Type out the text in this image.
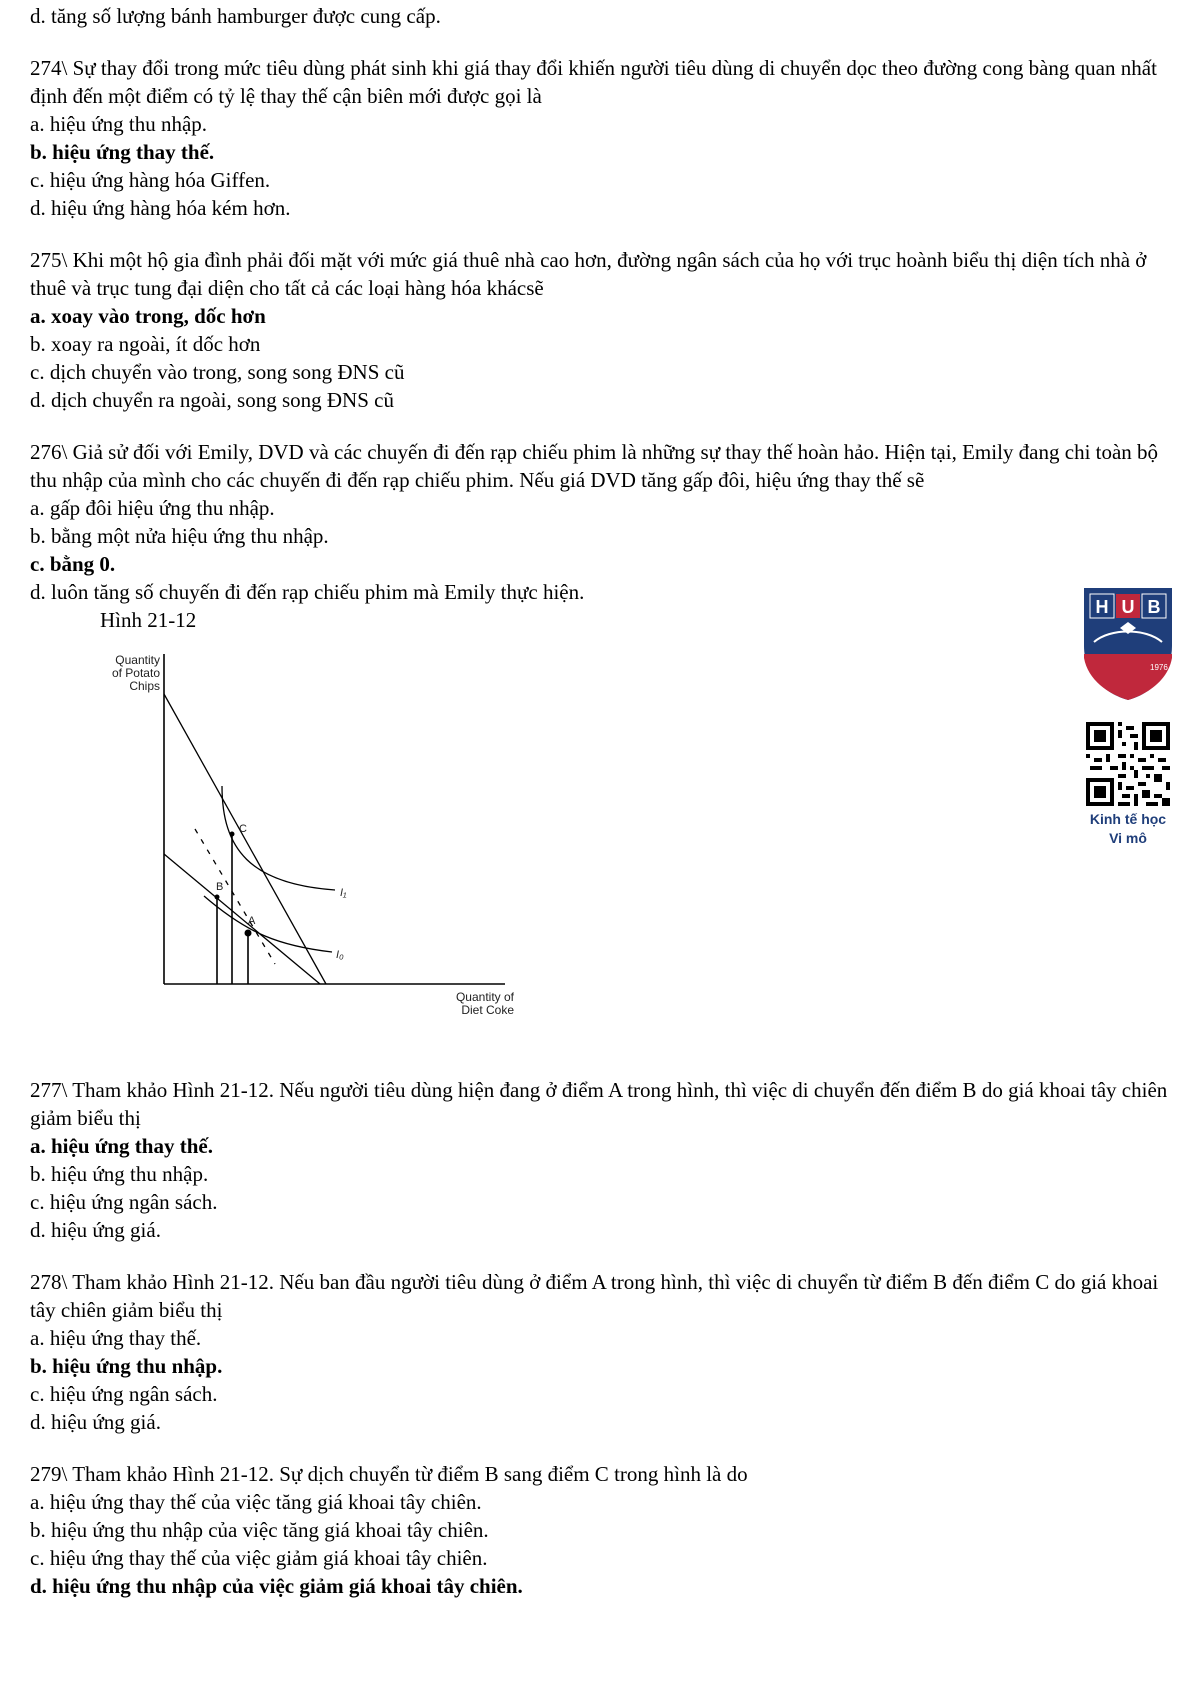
d. tăng số lượng bánh hamburger được cung cấp.

274\ Sự thay đổi trong mức tiêu dùng phát sinh khi giá thay đổi khiến người tiêu dùng di chuyển dọc theo đường cong bàng quan nhất định đến một điểm có tỷ lệ thay thế cận biên mới được gọi là

a. hiệu ứng thu nhập.

b. hiệu ứng thay thế.

c. hiệu ứng hàng hóa Giffen.

d. hiệu ứng hàng hóa kém hơn.

275\ Khi một hộ gia đình phải đối mặt với mức giá thuê nhà cao hơn, đường ngân sách của họ với trục hoành biểu thị diện tích nhà ở thuê và trục tung đại diện cho tất cả các loại hàng hóa khácsẽ

a. xoay vào trong, dốc hơn

b. xoay ra ngoài, ít dốc hơn

c. dịch chuyển vào trong, song song ĐNS cũ

d. dịch chuyển ra ngoài, song song ĐNS cũ

276\ Giả sử đối với Emily, DVD và các chuyến đi đến rạp chiếu phim là những sự thay thế hoàn hảo. Hiện tại, Emily đang chi toàn bộ thu nhập của mình cho các chuyến đi đến rạp chiếu phim. Nếu giá DVD tăng gấp đôi, hiệu ứng thay thế sẽ

a. gấp đôi hiệu ứng thu nhập.

b. bằng một nửa hiệu ứng thu nhập.

c. bằng 0.

d. luôn tăng số chuyến đi đến rạp chiếu phim mà Emily thực hiện.

Hình 21-12

C
B
A
I₁
I₀
Quantity
of Potato
Chips
Quantity of
Diet Coke

277\ Tham khảo Hình 21-12. Nếu người tiêu dùng hiện đang ở điểm A trong hình, thì việc di chuyển đến điểm B do giá khoai tây chiên giảm biểu thị

a. hiệu ứng thay thế.

b. hiệu ứng thu nhập.

c. hiệu ứng ngân sách.

d. hiệu ứng giá.

278\ Tham khảo Hình 21-12. Nếu ban đầu người tiêu dùng ở điểm A trong hình, thì việc di chuyển từ điểm B đến điểm C do giá khoai tây chiên giảm biểu thị

a. hiệu ứng thay thế.

b. hiệu ứng thu nhập.

c. hiệu ứng ngân sách.

d. hiệu ứng giá.

279\ Tham khảo Hình 21-12. Sự dịch chuyển từ điểm B sang điểm C trong hình là do

a. hiệu ứng thay thế của việc tăng giá khoai tây chiên.

b. hiệu ứng thu nhập của việc tăng giá khoai tây chiên.

c. hiệu ứng thay thế của việc giảm giá khoai tây chiên.

d. hiệu ứng thu nhập của việc giảm giá khoai tây chiên.

H U B
1976
Kinh tế học
Vi mô
